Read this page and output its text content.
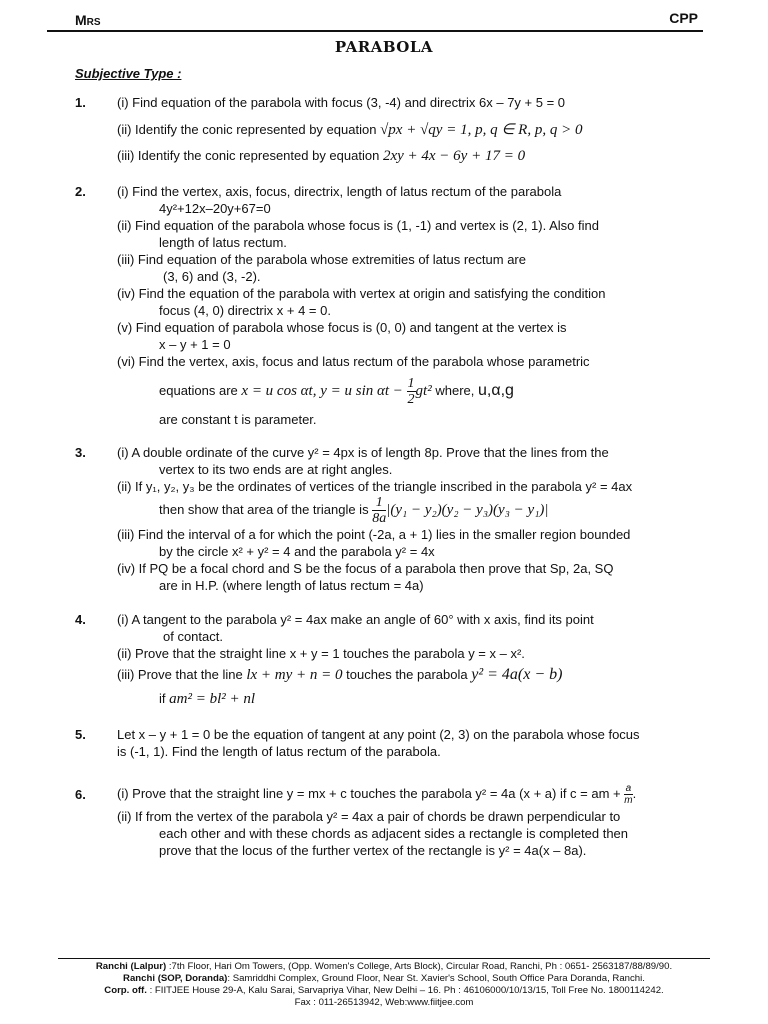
MRS	CPP
PARABOLA
Subjective Type :
1. (i) Find equation of the parabola with focus (3, -4) and directrix 6x – 7y + 5 = 0

(ii) Identify the conic represented by equation √px + √qy = 1, p, q ∈ R, p, q > 0

(iii) Identify the conic represented by equation 2xy + 4x − 6y + 17 = 0

2. (i) Find the vertex, axis, focus, directrix, length of latus rectum of the parabola

4y²+12x–20y+67=0

(ii) Find equation of the parabola whose focus is (1, -1) and vertex is (2, 1). Also find

length of latus rectum.

(iii) Find equation of the parabola whose extremities of latus rectum are

(3, 6) and (3, -2).

(iv) Find the equation of the parabola with vertex at origin and satisfying the condition

focus (4, 0) directrix x + 4 = 0.

(v) Find equation of parabola whose focus is (0, 0) and tangent at the vertex is

x – y + 1 = 0

(vi) Find the vertex, axis, focus and latus rectum of the parabola whose parametric

equations are x = u cos αt, y = u $\sin \alpha t - \frac{1}{2} gt^2$ where, u,α,g

are constant t is parameter.

3. (i) A double ordinate of the curve y² = 4px is of length 8p. Prove that the lines from the

vertex to its two ends are at right angles.

(ii) If y₁, y₂, y₃ be the ordinates of vertices of the triangle inscribed in the parabola y² = 4ax

then show that area of the triangle is $\frac{1}{8a} |(y_1 - y_2)(y_2 - y_3)(y_3 - y_1)|$

(iii) Find the interval of a for which the point (-2a, a + 1) lies in the smaller region bounded

by the circle x² + y² = 4 and the parabola y² = 4x

(iv) If PQ be a focal chord and S be the focus of a parabola then prove that Sp, 2a, SQ

are in H.P. (where length of latus rectum = 4a)

4. (i) A tangent to the parabola y² = 4ax make an angle of 60° with x axis, find its point

of contact.

(ii) Prove that the straight line x + y = 1 touches the parabola y = x – x².

(iii) Prove that the line lx + my + n = 0 touches the parabola y² = 4a(x − b)

if am² = bl² + nl

5. Let x – y + 1 = 0 be the equation of tangent at any point (2, 3) on the parabola whose focus

is (-1, 1). Find the length of latus rectum of the parabola.

6. (i) Prove that the straight line y = mx + c touches the parabola y² = 4a (x + a) if c = am + $\frac{a}{m}$.

(ii) If from the vertex of the parabola y² = 4ax a pair of chords be drawn perpendicular to

each other and with these chords as adjacent sides a rectangle is completed then

prove that the locus of the further vertex of the rectangle is y² = 4a(x – 8a).

Ranchi (Lalpur) :7th Floor, Hari Om Towers, (Opp. Women's College, Arts Block), Circular Road, Ranchi, Ph : 0651- 2563187/88/89/90.
Ranchi (SOP, Doranda): Samriddhi Complex, Ground Floor, Near St. Xavier's School, South Office Para Doranda, Ranchi.
Corp. off. : FIITJEE House 29-A, Kalu Sarai, Sarvapriya Vihar, New Delhi – 16. Ph : 46106000/10/13/15, Toll Free No. 1800114242.
Fax : 011-26513942, Web:www.fiitjee.com
